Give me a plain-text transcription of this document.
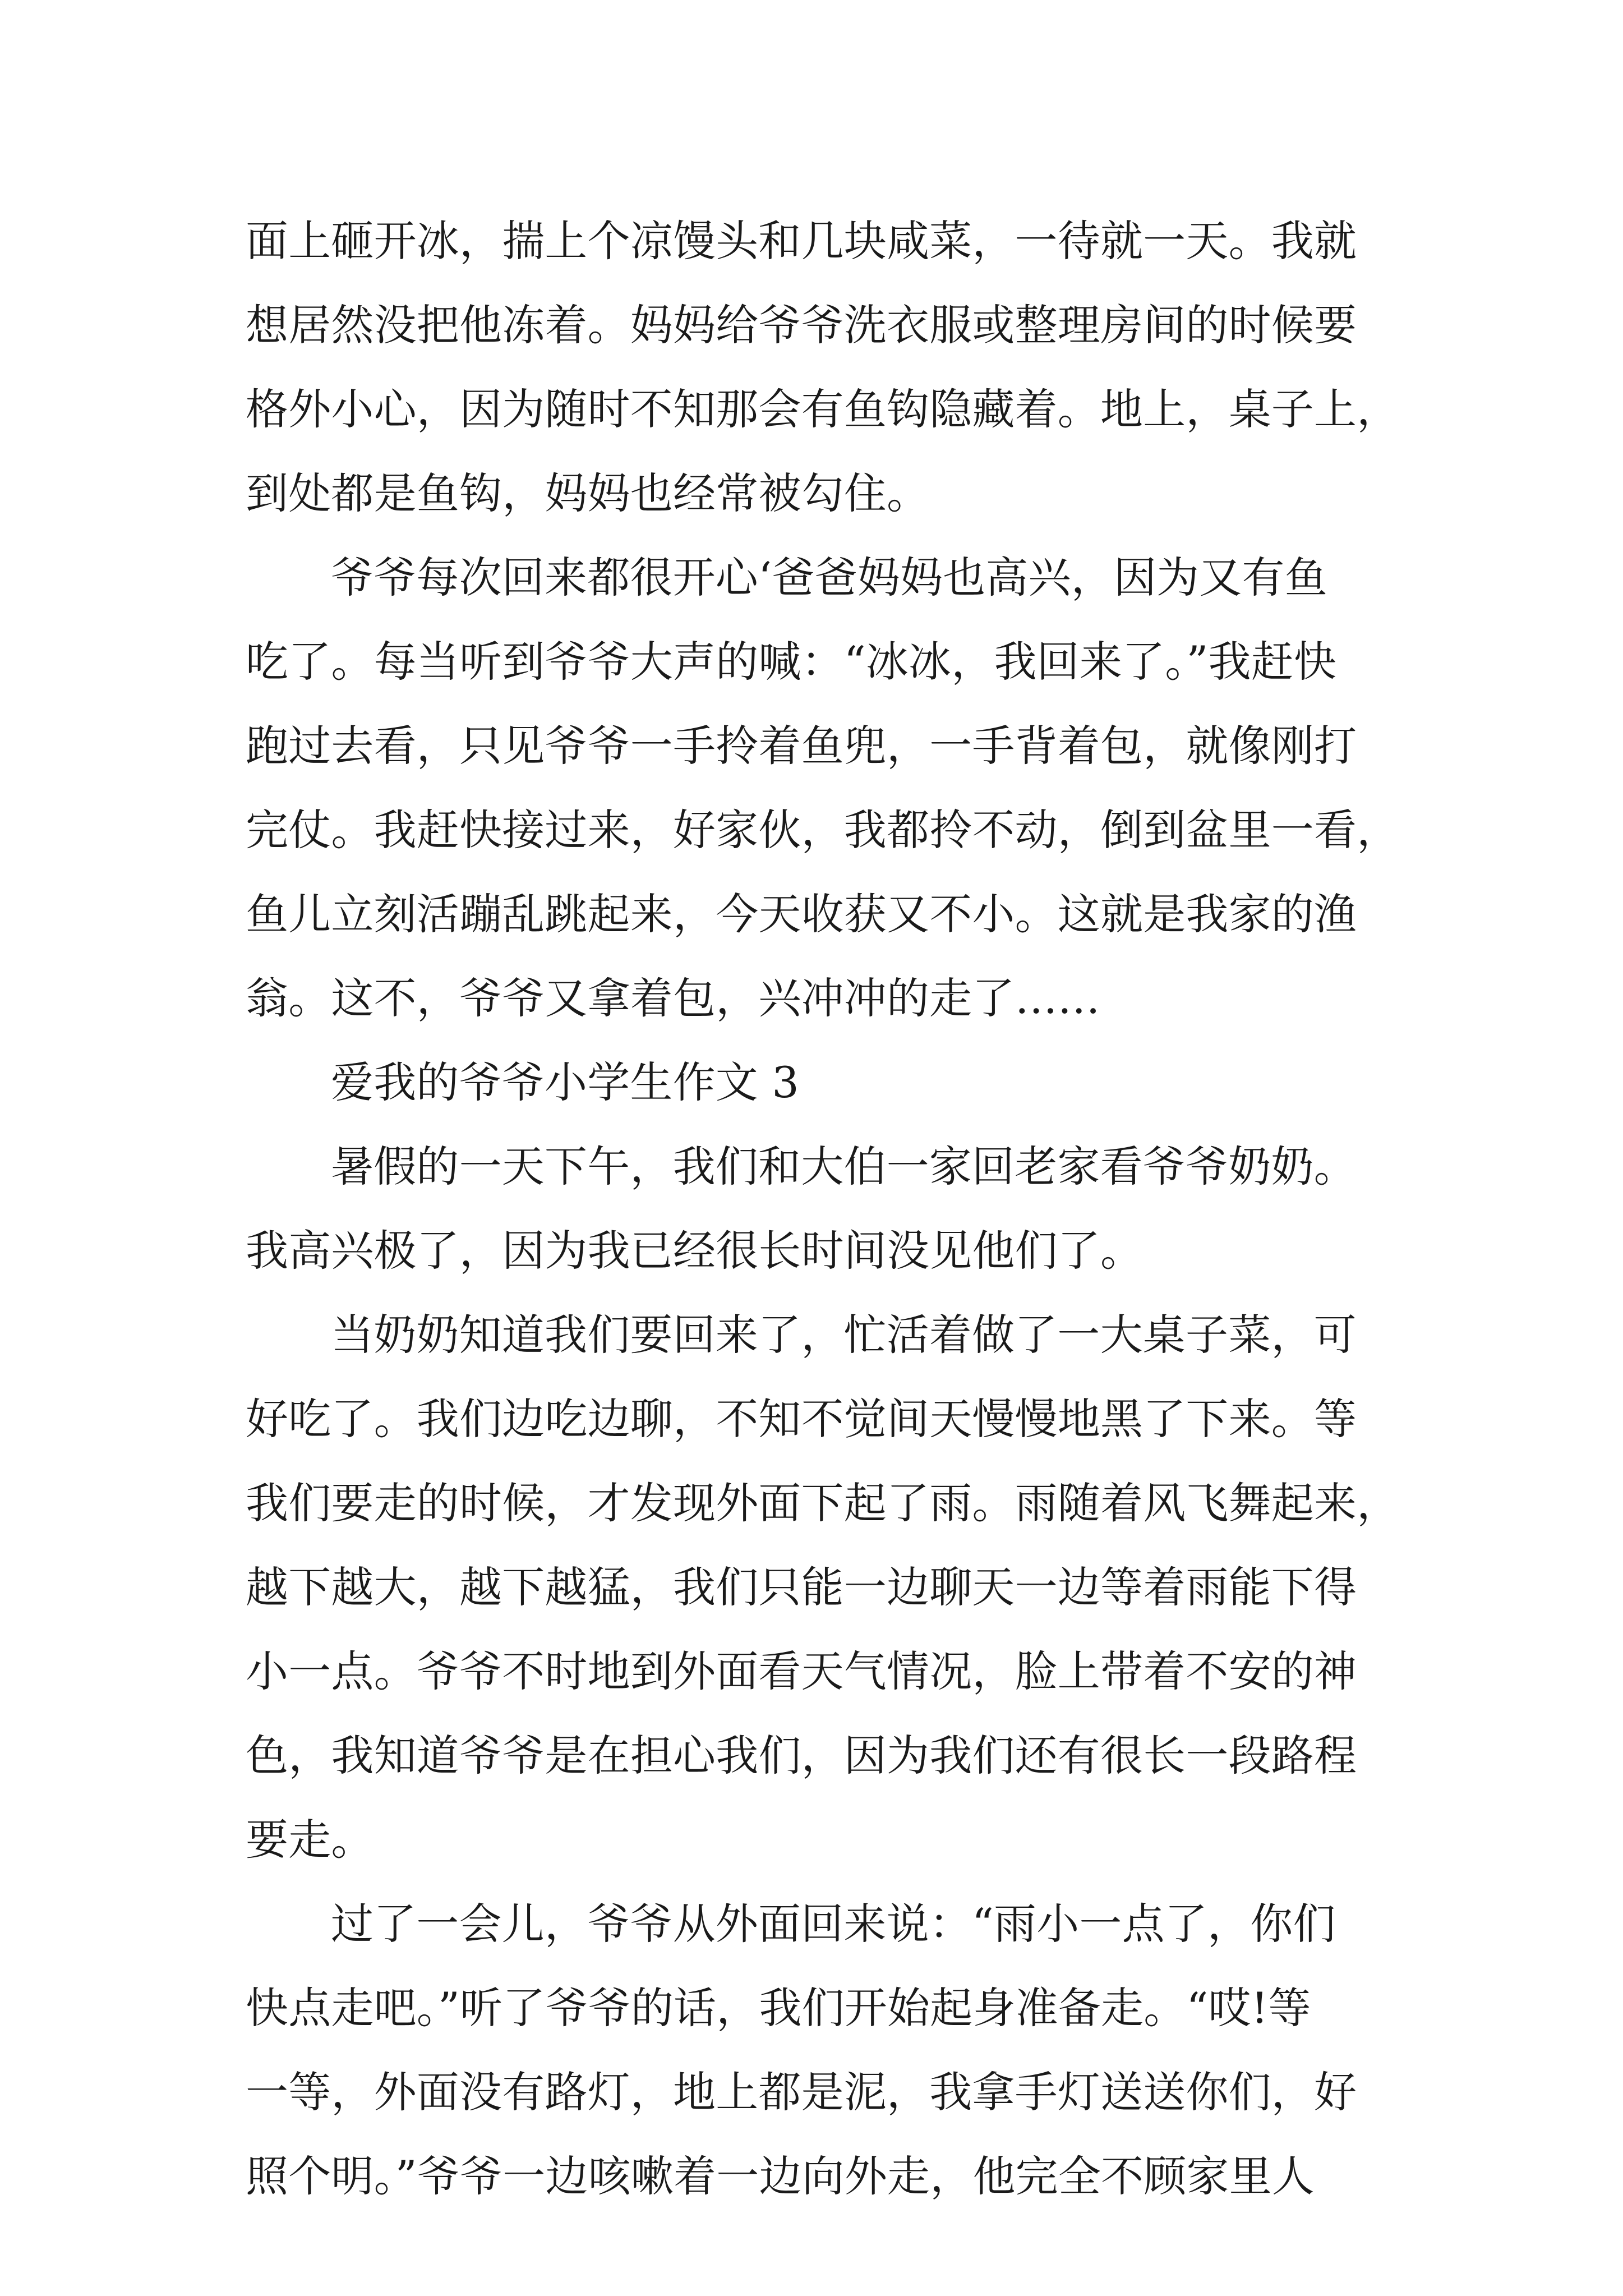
面上砸开冰，揣上个凉馒头和几块咸菜，一待就一天。我就
想居然没把他冻着。妈妈给爷爷洗衣服或整理房间的时候要
格外小心，因为随时不知那会有鱼钩隐藏着。地上，桌子上，
到处都是鱼钩，妈妈也经常被勾住。
爷爷每次回来都很开心‘爸爸妈妈也高兴，因为又有鱼
吃了。每当听到爷爷大声的喊：“冰冰，我回来了。”我赶快
跑过去看，只见爷爷一手拎着鱼兜，一手背着包，就像刚打
完仗。我赶快接过来，好家伙，我都拎不动，倒到盆里一看，
鱼儿立刻活蹦乱跳起来，今天收获又不小。这就是我家的渔
翁。这不，爷爷又拿着包，兴冲冲的走了……
爱我的爷爷小学生作文 3
暑假的一天下午，我们和大伯一家回老家看爷爷奶奶。
我高兴极了，因为我已经很长时间没见他们了。
当奶奶知道我们要回来了，忙活着做了一大桌子菜，可
好吃了。我们边吃边聊，不知不觉间天慢慢地黑了下来。等
我们要走的时候，才发现外面下起了雨。雨随着风飞舞起来，
越下越大，越下越猛，我们只能一边聊天一边等着雨能下得
小一点。爷爷不时地到外面看天气情况，脸上带着不安的神
色，我知道爷爷是在担心我们，因为我们还有很长一段路程
要走。
过了一会儿，爷爷从外面回来说：“雨小一点了，你们
快点走吧。”听了爷爷的话，我们开始起身准备走。“哎!等
一等，外面没有路灯，地上都是泥，我拿手灯送送你们，好
照个明。”爷爷一边咳嗽着一边向外走，他完全不顾家里人
